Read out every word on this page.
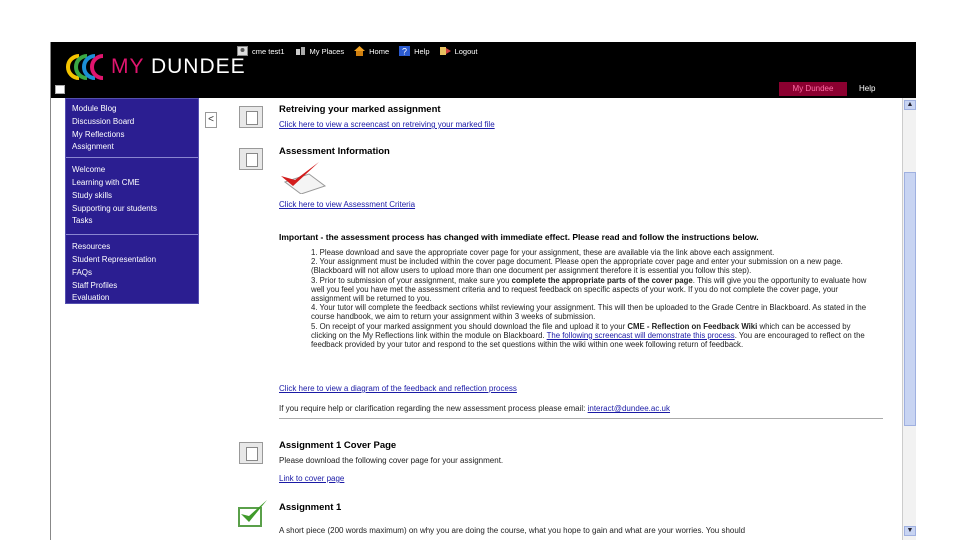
MY DUNDEE
cme test1	My Places	Home ? Help	Logout
My Dundee	Help
Module Blog
Discussion Board
My Reflections
Assignment
Welcome
Learning with CME
Study skills
Supporting our students
Tasks
Resources
Student Representation
FAQs
Staff Profiles
Evaluation
<
Retreiving your marked assignment
Click here to view a screencast on retreiving your marked file
Assessment Information
Click here to view Assessment Criteria
Important - the assessment process has changed with immediate effect. Please read and follow the instructions below.

1. Please download and save the appropriate cover page for your assignment, these are available via the link above each assignment.

2. Your assignment must be included within the cover page document. Please open the appropriate cover page and enter your submission on a new page. (Blackboard will not allow users to upload more than one document per assignment therefore it is essential you follow this step).

3. Prior to submission of your assignment, make sure you complete the appropriate parts of the cover page. This will give you the opportunity to evaluate how well you feel you have met the assessment criteria and to request feedback on specific aspects of your work. If you do not complete the cover page, your assignment will be returned to you.

4. Your tutor will complete the feedback sections whilst reviewing your assignment. This will then be uploaded to the Grade Centre in Blackboard. As stated in the course handbook, we aim to return your assignment within 3 weeks of submission.

5. On receipt of your marked assignment you should download the file and upload it to your CME - Reflection on Feedback Wiki which can be accessed by clicking on the My Reflections link within the module on Blackboard. The following screencast will demonstrate this process. You are encouraged to reflect on the feedback provided by your tutor and respond to the set questions within the wiki within one week following return of feedback.

Click here to view a diagram of the feedback and reflection process
If you require help or clarification regarding the new assessment process please email: interact@dundee.ac.uk
Assignment 1 Cover Page
Please download the following cover page for your assignment.
Link to cover page
Assignment 1
A short piece (200 words maximum) on why you are doing the course, what you hope to gain and what are your worries. You should
▲
▼
